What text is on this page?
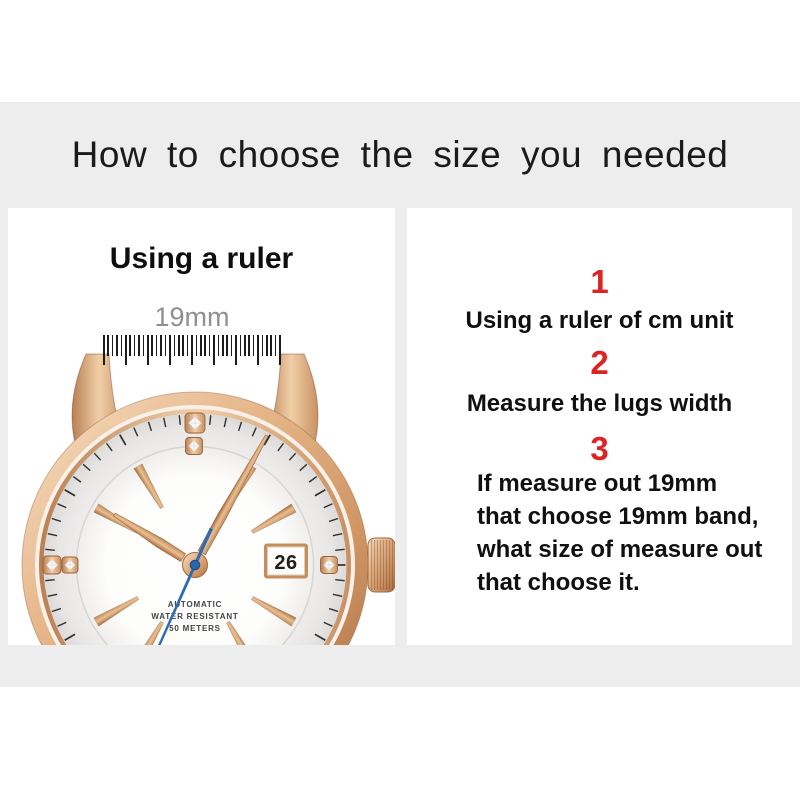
How to choose the size you needed
Using a ruler
19mm
26
AUTOMATIC
WATER RESISTANT
50 METERS
1
Using a ruler of cm unit
2
Measure the lugs width
3
If measure out 19mm
that choose 19mm band,
what size of measure out
that choose it.
